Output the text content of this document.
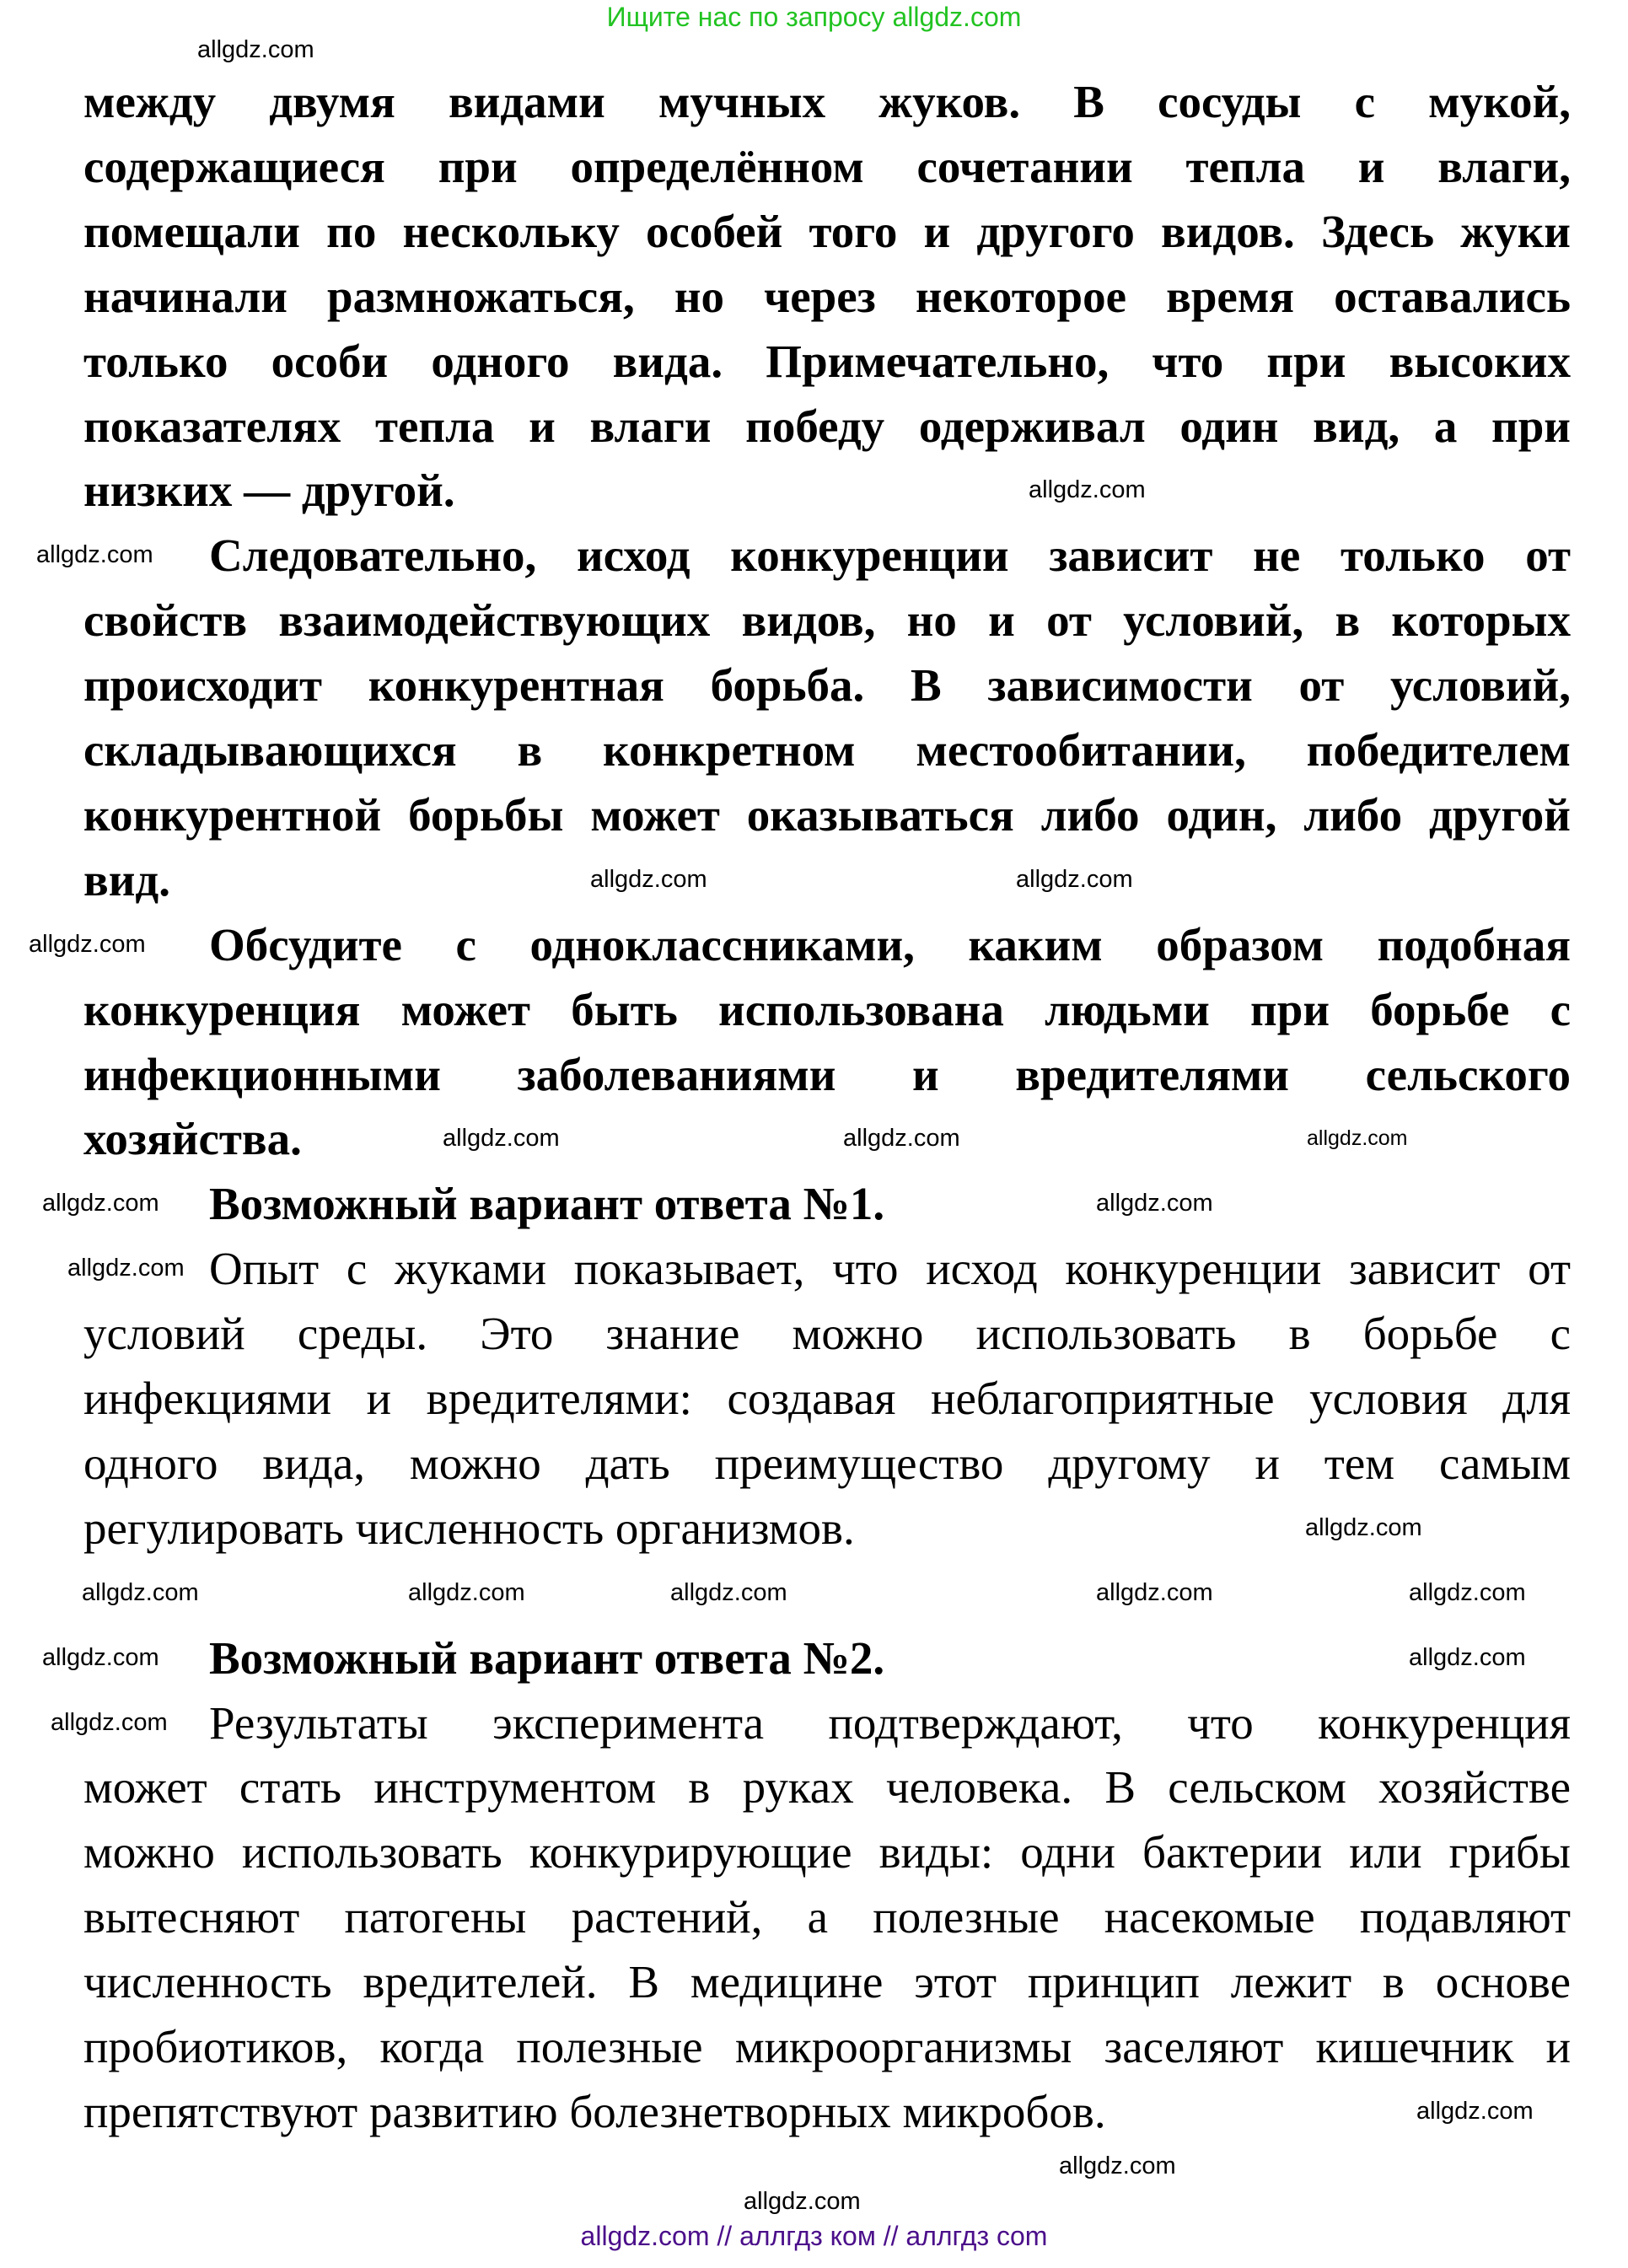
Ищите нас по запросу allgdz.com
между двумя видами мучных жуков. В сосуды с мукой,
содержащиеся при определённом сочетании тепла и влаги,
помещали по нескольку особей того и другого видов. Здесь жуки
начинали размножаться, но через некоторое время оставались
только особи одного вида. Примечательно, что при высоких
показателях тепла и влаги победу одерживал один вид, а при
низких — другой.
Следовательно, исход конкуренции зависит не только от
свойств взаимодействующих видов, но и от условий, в которых
происходит конкурентная борьба. В зависимости от условий,
складывающихся в конкретном местообитании, победителем
конкурентной борьбы может оказываться либо один, либо другой
вид.
Обсудите с одноклассниками, каким образом подобная
конкуренция может быть использована людьми при борьбе с
инфекционными заболеваниями и вредителями сельского
хозяйства.
Возможный вариант ответа №1.
Опыт с жуками показывает, что исход конкуренции зависит от
условий среды. Это знание можно использовать в борьбе с
инфекциями и вредителями: создавая неблагоприятные условия для
одного вида, можно дать преимущество другому и тем самым
регулировать численность организмов.
Возможный вариант ответа №2.
Результаты эксперимента подтверждают, что конкуренция
может стать инструментом в руках человека. В сельском хозяйстве
можно использовать конкурирующие виды: одни бактерии или грибы
вытесняют патогены растений, а полезные насекомые подавляют
численность вредителей. В медицине этот принцип лежит в основе
пробиотиков, когда полезные микроорганизмы заселяют кишечник и
препятствуют развитию болезнетворных микробов.
allgdz.com
allgdz.com
allgdz.com
allgdz.com	allgdz.com
allgdz.com
allgdz.com	allgdz.com	allgdz.com
allgdz.com	allgdz.com
allgdz.com
allgdz.com
allgdz.com	allgdz.com	allgdz.com	allgdz.com	allgdz.com
allgdz.com	allgdz.com
allgdz.com
allgdz.com
allgdz.com
allgdz.com
allgdz.com // аллгдз ком // аллгдз com
